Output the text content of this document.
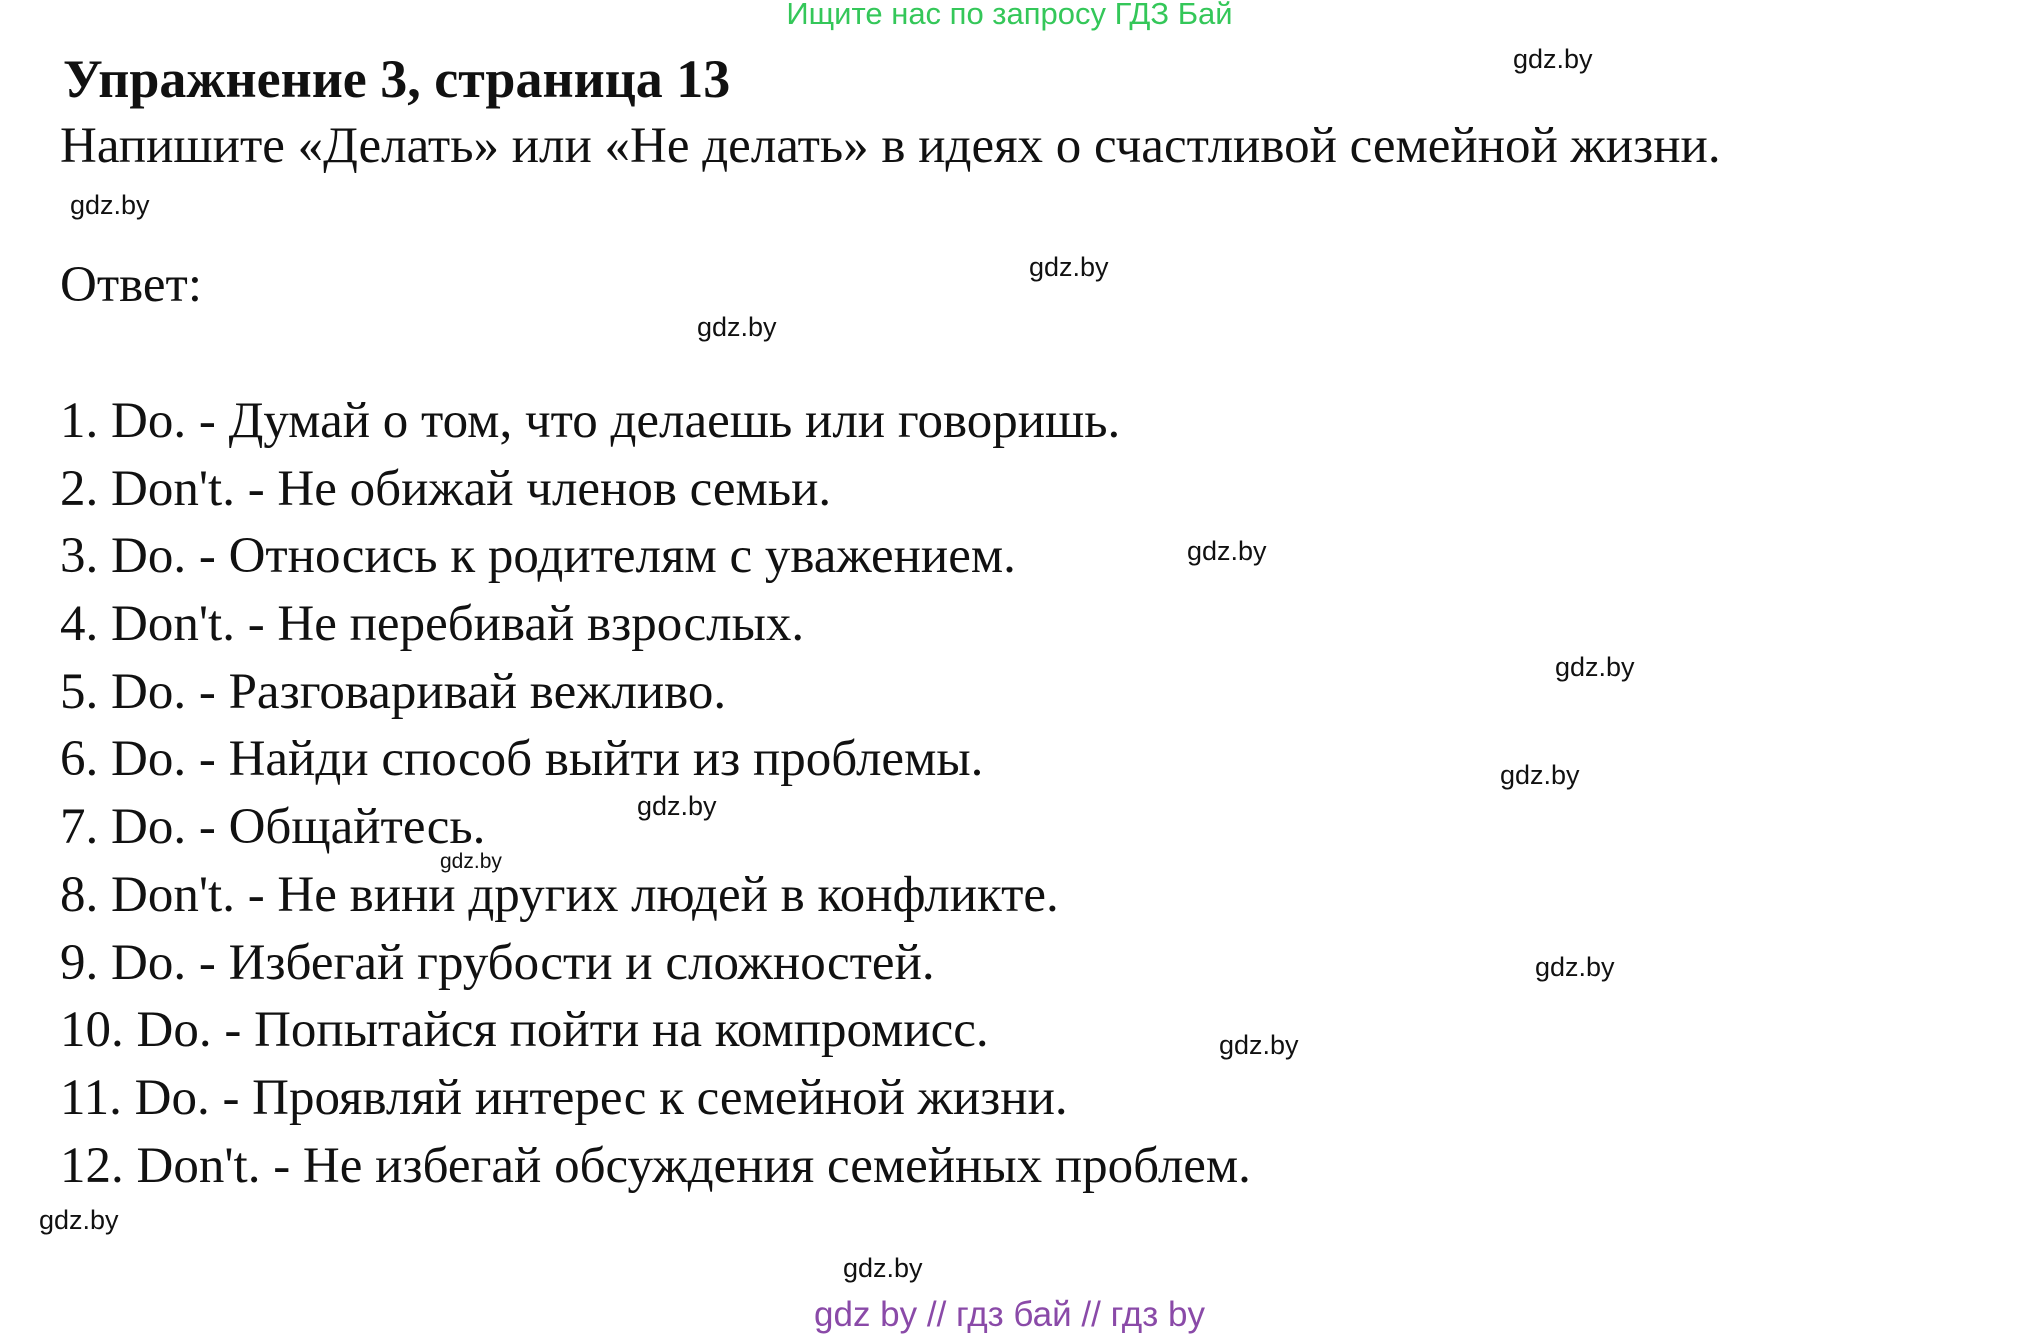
Ищите нас по запросу ГДЗ Бай
Упражнение 3, страница 13
Напишите «Делать» или «Не делать» в идеях о счастливой семейной жизни.
Ответ:
1. Do. - Думай о том, что делаешь или говоришь.
2. Don't. - Не обижай членов семьи.
3. Do. - Относись к родителям с уважением.
4. Don't. - Не перебивай взрослых.
5. Do. - Разговаривай вежливо.
6. Do. - Найди способ выйти из проблемы.
7. Do. - Общайтесь.
8. Don't. - Не вини других людей в конфликте.
9. Do. - Избегай грубости и сложностей.
10. Do. - Попытайся пойти на компромисс.
11. Do. - Проявляй интерес к семейной жизни.
12. Don't. - Не избегай обсуждения семейных проблем.
gdz.by
gdz.by
gdz.by
gdz.by
gdz.by
gdz.by
gdz.by
gdz.by
gdz.by
gdz.by
gdz.by
gdz.by
gdz by // гдз бай // гдз by
gdz.by
